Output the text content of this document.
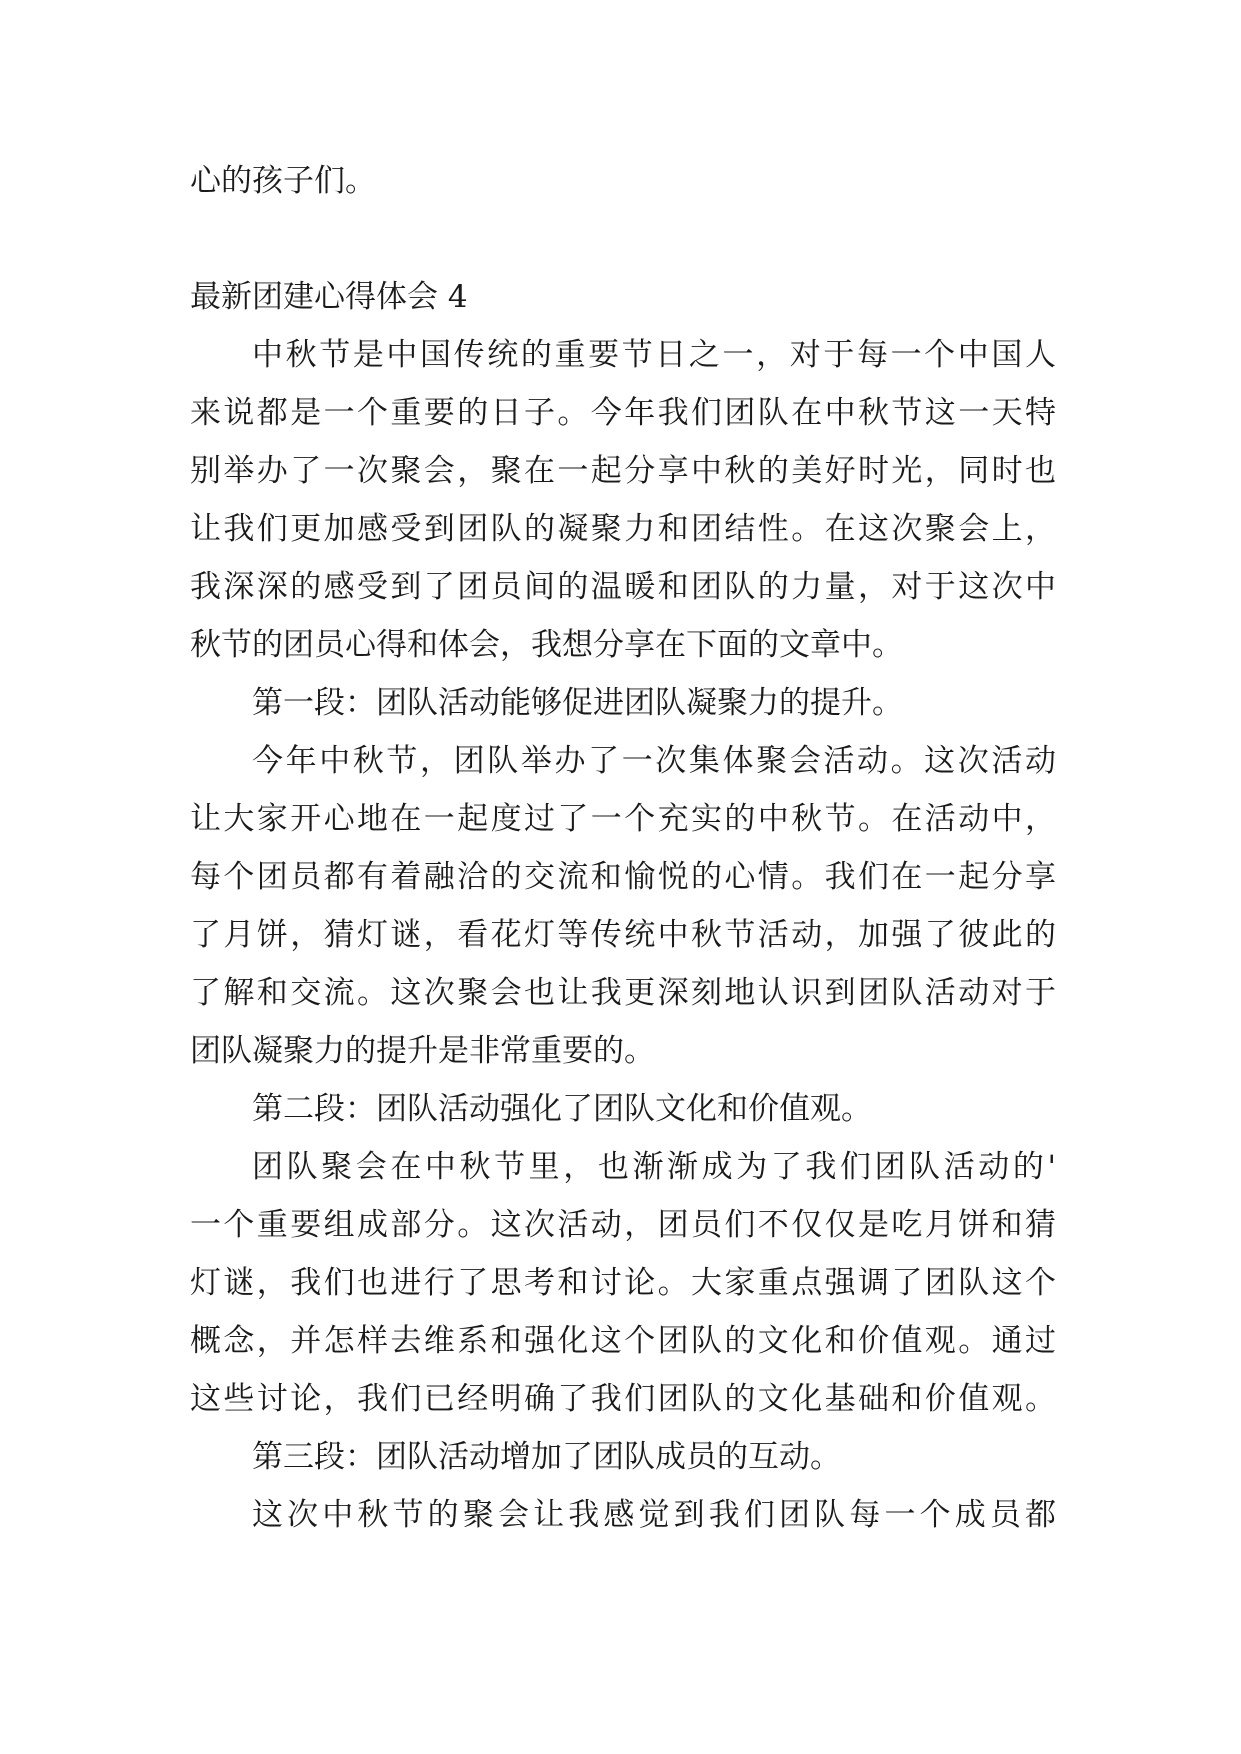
心的孩子们。
最新团建心得体会 4
中秋节是中国传统的重要节日之一，对于每一个中国人
来说都是一个重要的日子。今年我们团队在中秋节这一天特
别举办了一次聚会，聚在一起分享中秋的美好时光，同时也
让我们更加感受到团队的凝聚力和团结性。在这次聚会上，
我深深的感受到了团员间的温暖和团队的力量，对于这次中
秋节的团员心得和体会，我想分享在下面的文章中。
第一段：团队活动能够促进团队凝聚力的提升。
今年中秋节，团队举办了一次集体聚会活动。这次活动
让大家开心地在一起度过了一个充实的中秋节。在活动中，
每个团员都有着融洽的交流和愉悦的心情。我们在一起分享
了月饼，猜灯谜，看花灯等传统中秋节活动，加强了彼此的
了解和交流。这次聚会也让我更深刻地认识到团队活动对于
团队凝聚力的提升是非常重要的。
第二段：团队活动强化了团队文化和价值观。
团队聚会在中秋节里，也渐渐成为了我们团队活动的'
一个重要组成部分。这次活动，团员们不仅仅是吃月饼和猜
灯谜，我们也进行了思考和讨论。大家重点强调了团队这个
概念，并怎样去维系和强化这个团队的文化和价值观。通过
这些讨论，我们已经明确了我们团队的文化基础和价值观。
第三段：团队活动增加了团队成员的互动。
这次中秋节的聚会让我感觉到我们团队每一个成员都
